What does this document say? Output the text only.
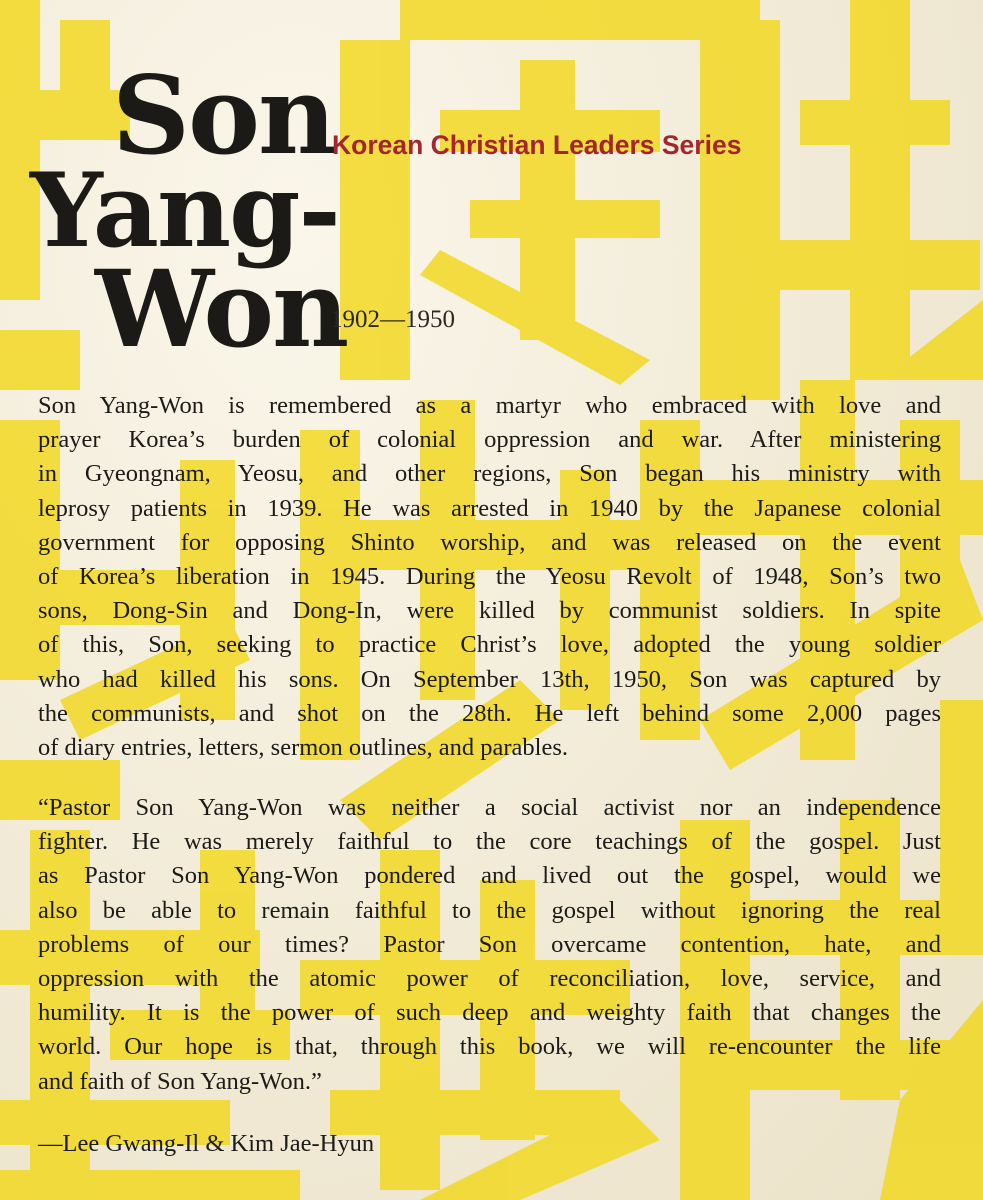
Son
Yang-
Won

Korean Christian Leaders Series

1902—1950

Son Yang-Won is remembered as a martyr who embraced with love and
prayer Korea’s burden of colonial oppression and war. After ministering
in Gyeongnam, Yeosu, and other regions, Son began his ministry with
leprosy patients in 1939. He was arrested in 1940 by the Japanese colonial
government for opposing Shinto worship, and was released on the event
of Korea’s liberation in 1945. During the Yeosu Revolt of 1948, Son’s two
sons, Dong-Sin and Dong-In, were killed by communist soldiers. In spite
of this, Son, seeking to practice Christ’s love, adopted the young soldier
who had killed his sons. On September 13th, 1950, Son was captured by
the communists, and shot on the 28th. He left behind some 2,000 pages
of diary entries, letters, sermon outlines, and parables.
“Pastor Son Yang-Won was neither a social activist nor an independence
fighter. He was merely faithful to the core teachings of the gospel. Just
as Pastor Son Yang-Won pondered and lived out the gospel, would we
also be able to remain faithful to the gospel without ignoring the real
problems of our times? Pastor Son overcame contention, hate, and
oppression with the atomic power of reconciliation, love, service, and
humility. It is the power of such deep and weighty faith that changes the
world. Our hope is that, through this book, we will re-encounter the life
and faith of Son Yang-Won.”

—Lee Gwang-Il & Kim Jae-Hyun
